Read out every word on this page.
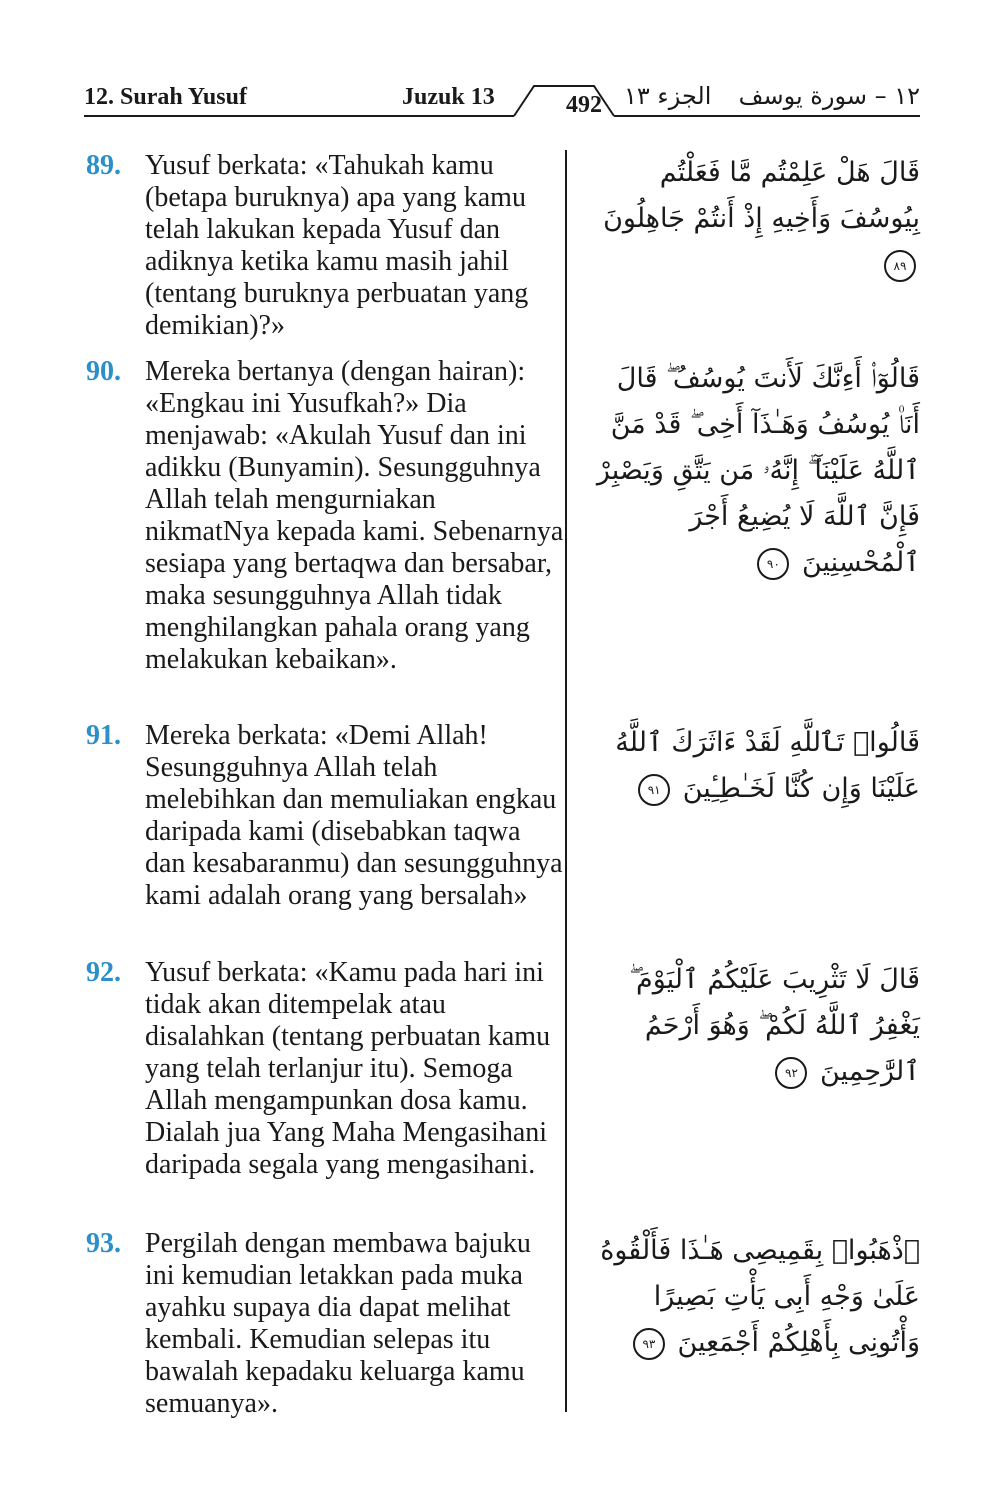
12. Surah Yusuf	Juzuk 13	492 الجزء ١٣ ١٢ – سورة يوسف
89. Yusuf berkata: «Tahukah kamu (betapa buruknya) apa yang kamu telah lakukan kepada Yusuf dan adiknya ketika kamu masih jahil (tentang buruknya perbuatan yang demikian)?»
قَالَ هَلْ عَلِمْتُم مَّا فَعَلْتُم بِيُوسُفَ وَأَخِيهِ إِذْ أَنتُمْ جَاهِلُونَ ٨٩
90. Mereka bertanya (dengan hairan): «Engkau ini Yusufkah?» Dia menjawab: «Akulah Yusuf dan ini adikku (Bunyamin). Sesungguhnya Allah telah mengurniakan nikmatNya kepada kami. Sebenarnya sesiapa yang bertaqwa dan bersabar, maka sesungguhnya Allah tidak menghilangkan pahala orang yang melakukan kebaikan».
قَالُوٓا۟ أَءِنَّكَ لَأَنتَ يُوسُفُ ۖ قَالَ أَنَا۠ يُوسُفُ وَهَـٰذَآ أَخِى ۖ قَدْ مَنَّ ٱللَّهُ عَلَيْنَآ ۖ إِنَّهُۥ مَن يَتَّقِ وَيَصْبِرْ فَإِنَّ ٱللَّهَ لَا يُضِيعُ أَجْرَ ٱلْمُحْسِنِينَ ٩٠
91. Mereka berkata: «Demi Allah! Sesungguhnya Allah telah melebihkan dan memuliakan engkau daripada kami (disebabkan taqwa dan kesabaranmu) dan sesungguhnya kami adalah orang yang bersalah»
قَالُوا۟ تَٱللَّهِ لَقَدْ ءَاثَرَكَ ٱللَّهُ عَلَيْنَا وَإِن كُنَّا لَخَـٰطِـِٔينَ ٩١
92. Yusuf berkata: «Kamu pada hari ini tidak akan ditempelak atau disalahkan (tentang perbuatan kamu yang telah terlanjur itu). Semoga Allah mengampunkan dosa kamu. Dialah jua Yang Maha Mengasihani daripada segala yang mengasihani.
قَالَ لَا تَثْرِيبَ عَلَيْكُمُ ٱلْيَوْمَ ۖ يَغْفِرُ ٱللَّهُ لَكُمْ ۖ وَهُوَ أَرْحَمُ ٱلرَّٰحِمِينَ ٩٢
93. Pergilah dengan membawa bajuku ini kemudian letakkan pada muka ayahku supaya dia dapat melihat kembali. Kemudian selepas itu bawalah kepadaku keluarga kamu semuanya».
ٱذْهَبُوا۟ بِقَمِيصِى هَـٰذَا فَأَلْقُوهُ عَلَىٰ وَجْهِ أَبِى يَأْتِ بَصِيرًا وَأْتُونِى بِأَهْلِكُمْ أَجْمَعِينَ ٩٣
